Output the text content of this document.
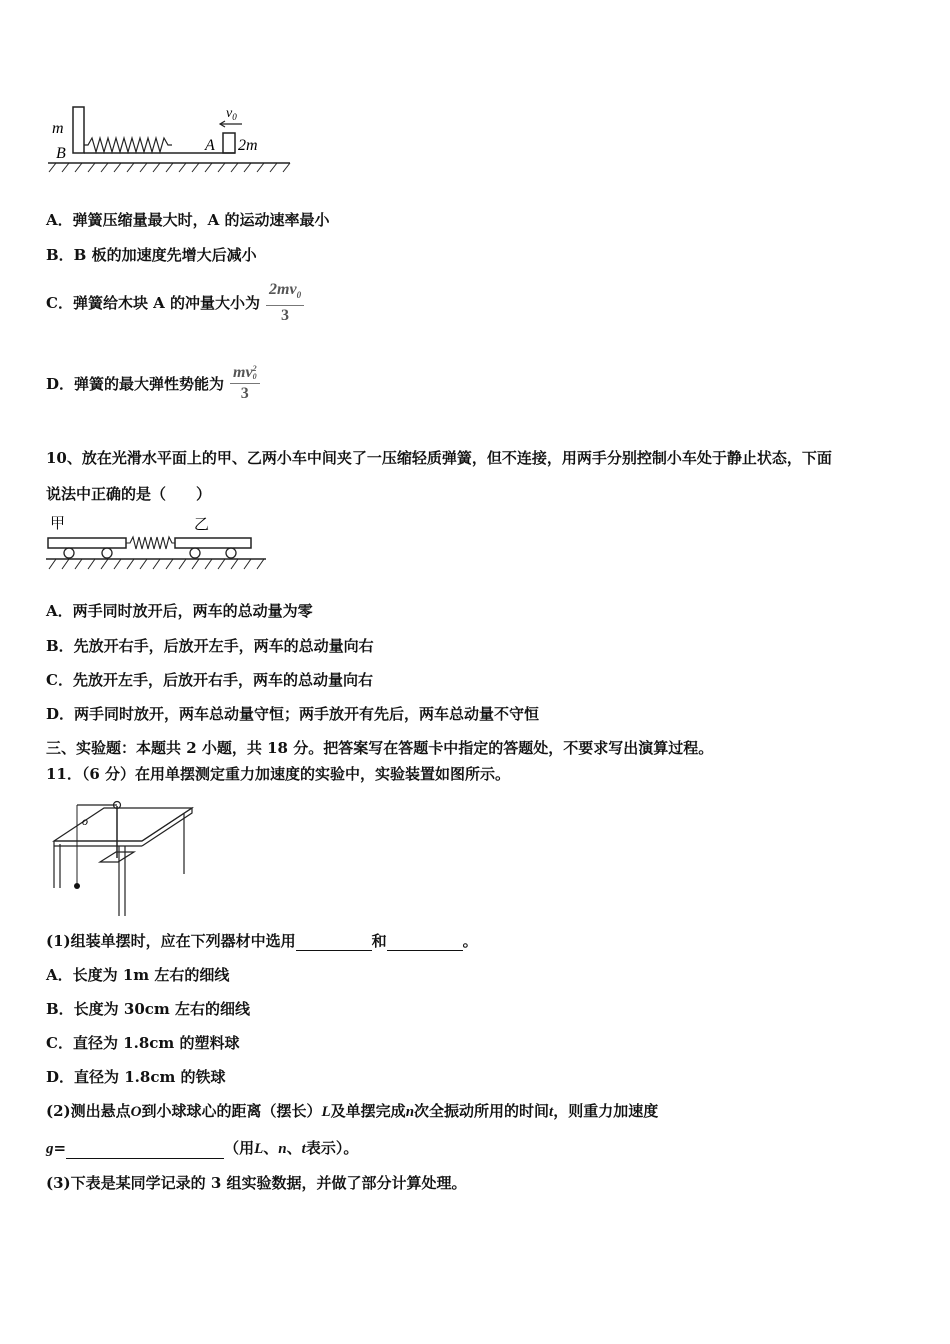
m
B	A 2m
$v_0$
A．弹簧压缩量最大时，A 的运动速率最小
B．B 板的加速度先增大后减小
C．弹簧给木块 A 的冲量大小为 $\frac{2mv_0}{3}$
D．弹簧的最大弹性势能为 mv 2
0
3
10、放在光滑水平面上的甲、乙两小车中间夹了一压缩轻质弹簧，但不连接，用两手分别控制小车处于静止状态，下面
说法中正确的是（　　）
甲	乙
A．两手同时放开后，两车的总动量为零
B．先放开右手，后放开左手，两车的总动量向右
C．先放开左手，后放开右手，两车的总动量向右
D．两手同时放开，两车总动量守恒；两手放开有先后，两车总动量不守恒
三、实验题：本题共 2 小题，共 18 分。把答案写在答题卡中指定的答题处，不要求写出演算过程。
11．（6 分）在用单摆测定重力加速度的实验中，实验装置如图所示。
o
(1)组装单摆时，应在下列器材中选用	和	。
A．长度为 1m 左右的细线
B．长度为 30cm 左右的细线
C．直径为 1.8cm 的塑料球
D．直径为 1.8cm 的铁球
(2)测出悬点O到小球球心的距离（摆长）L及单摆完成n次全振动所用的时间t，则重力加速度
g=	（用L、n、t表示）。
(3)下表是某同学记录的 3 组实验数据，并做了部分计算处理。
